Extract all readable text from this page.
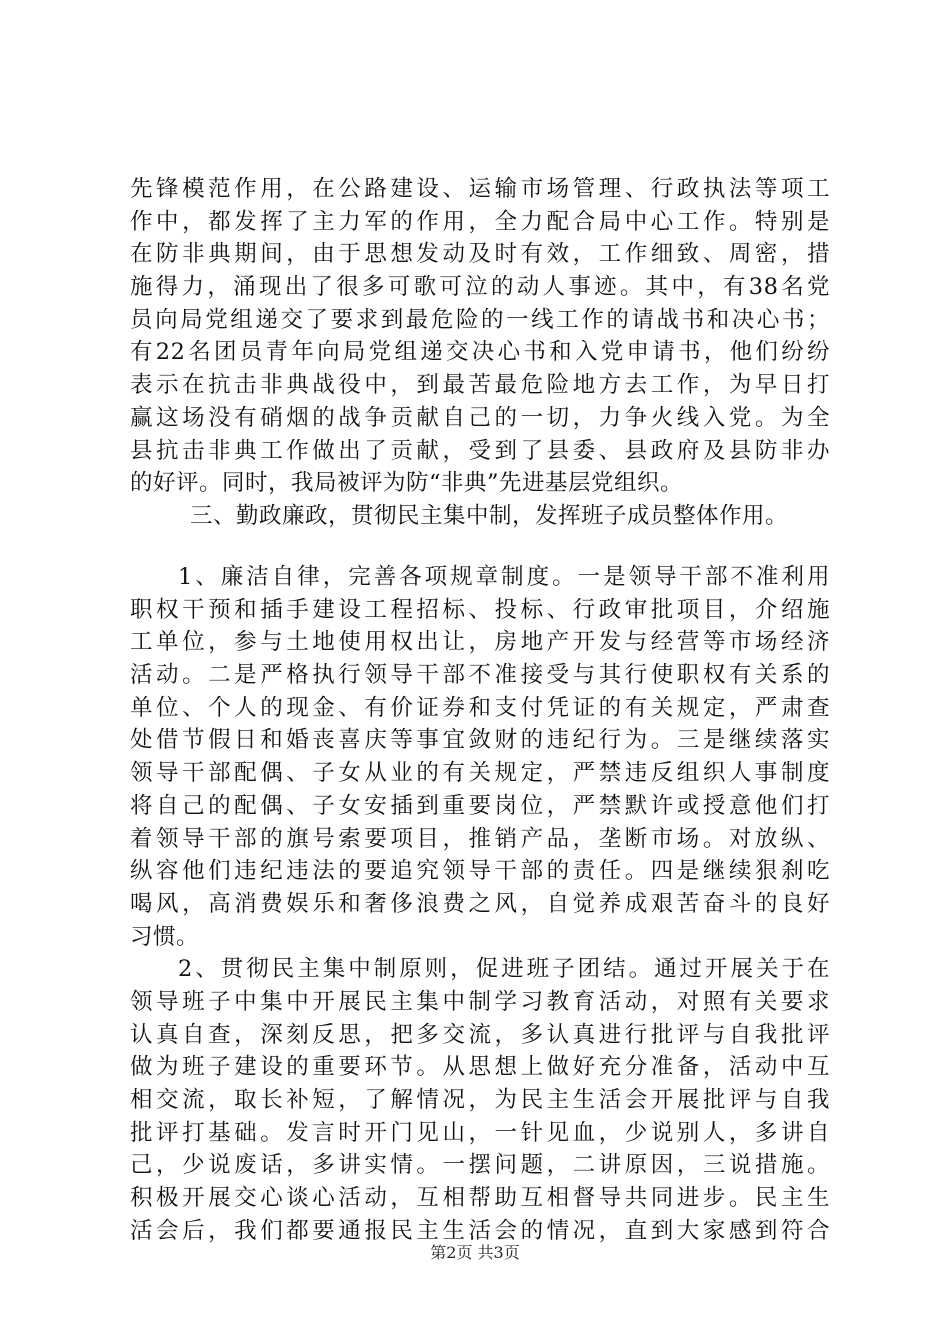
先锋模范作用，在公路建设、运输市场管理、行政执法等项工
作中，都发挥了主力军的作用，全力配合局中心工作。特别是
在防非典期间，由于思想发动及时有效，工作细致、周密，措
施得力，涌现出了很多可歌可泣的动人事迹。其中，有38名党
员向局党组递交了要求到最危险的一线工作的请战书和决心书；
有22名团员青年向局党组递交决心书和入党申请书，他们纷纷
表示在抗击非典战役中，到最苦最危险地方去工作，为早日打
赢这场没有硝烟的战争贡献自己的一切，力争火线入党。为全
县抗击非典工作做出了贡献，受到了县委、县政府及县防非办
的好评。同时，我局被评为防“非典”先进基层党组织。
三、勤政廉政，贯彻民主集中制，发挥班子成员整体作用。
1、廉洁自律，完善各项规章制度。一是领导干部不准利用
职权干预和插手建设工程招标、投标、行政审批项目，介绍施
工单位，参与土地使用权出让，房地产开发与经营等市场经济
活动。二是严格执行领导干部不准接受与其行使职权有关系的
单位、个人的现金、有价证券和支付凭证的有关规定，严肃查
处借节假日和婚丧喜庆等事宜敛财的违纪行为。三是继续落实
领导干部配偶、子女从业的有关规定，严禁违反组织人事制度
将自己的配偶、子女安插到重要岗位，严禁默许或授意他们打
着领导干部的旗号索要项目，推销产品，垄断市场。对放纵、
纵容他们违纪违法的要追究领导干部的责任。四是继续狠刹吃
喝风，高消费娱乐和奢侈浪费之风，自觉养成艰苦奋斗的良好
习惯。
2、贯彻民主集中制原则，促进班子团结。通过开展关于在
领导班子中集中开展民主集中制学习教育活动，对照有关要求
认真自查，深刻反思，把多交流，多认真进行批评与自我批评
做为班子建设的重要环节。从思想上做好充分准备，活动中互
相交流，取长补短，了解情况，为民主生活会开展批评与自我
批评打基础。发言时开门见山，一针见血，少说别人，多讲自
己，少说废话，多讲实情。一摆问题，二讲原因，三说措施。
积极开展交心谈心活动，互相帮助互相督导共同进步。民主生
活会后，我们都要通报民主生活会的情况，直到大家感到符合
第2页 共3页
